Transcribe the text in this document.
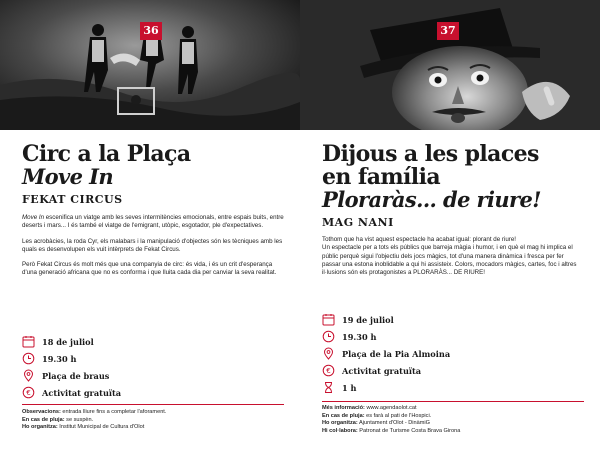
36
Circ a la Plaça
Move In
FEKAT CIRCUS

Move In escenifica un viatge amb les seves intermitències emocionals, entre espais buits, entre deserts i mars... I és també el viatge de l'emigrant, utòpic, esgotador, ple d'expectatives.

Les acrobàcies, la roda Cyr, els malabars i la manipulació d'objectes són les tècniques amb les quals es desenvolupen els vuit intèrprets de Fekat Circus.

Però Fekat Circus és molt més que una companyia de circ: és vida, i és un crit d'esperança d'una generació africana que no es conforma i que lluita cada dia per canviar la seva realitat.

18 de juliol
19.30 h
Plaça de braus
€ Activitat gratuïta
Observacions: entrada lliure fins a completar l'aforament.
En cas de pluja: se suspèn.
Ho organitza: Institut Municipal de Cultura d'Olot
37
Dijous a les places
en família
Ploraràs... de riure!
MAG NANI

Tothom que ha vist aquest espectacle ha acabat igual: plorant de riure!

Un espectacle per a tots els públics que barreja màgia i humor, i en què el mag hi implica el públic perquè sigui l'objectiu dels jocs màgics, tot d'una manera dinàmica i fresca per fer passar una estona inoblidable a qui hi assisteix. Colors, mocadors màgics, cartes, foc i altres il·lusions són els protagonistes a PLORARÀS... DE RIURE!

19 de juliol
19.30 h
Plaça de la Pia Almoina
€ Activitat gratuïta
1 h
Més informació: www.agendaolot.cat
En cas de pluja: es farà al pati de l'Hospici.
Ho organitza: Ajuntament d'Olot - DinàmiG
Hi col·labora: Patronat de Turisme Costa Brava Girona
